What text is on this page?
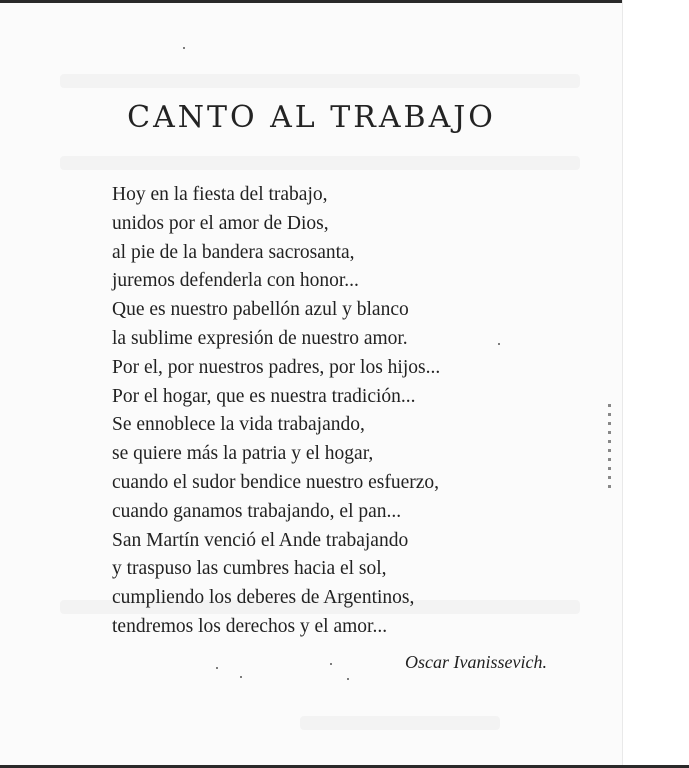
CANTO AL TRABAJO
Hoy en la fiesta del trabajo,
unidos por el amor de Dios,
al pie de la bandera sacrosanta,
juremos defenderla con honor...
Que es nuestro pabellón azul y blanco
la sublime expresión de nuestro amor.
Por el, por nuestros padres, por los hijos...
Por el hogar, que es nuestra tradición...
Se ennoblece la vida trabajando,
se quiere más la patria y el hogar,
cuando el sudor bendice nuestro esfuerzo,
cuando ganamos trabajando, el pan...
San Martín venció el Ande trabajando
y traspuso las cumbres hacia el sol,
cumpliendo los deberes de Argentinos,
tendremos los derechos y el amor...
Oscar Ivanissevich.
